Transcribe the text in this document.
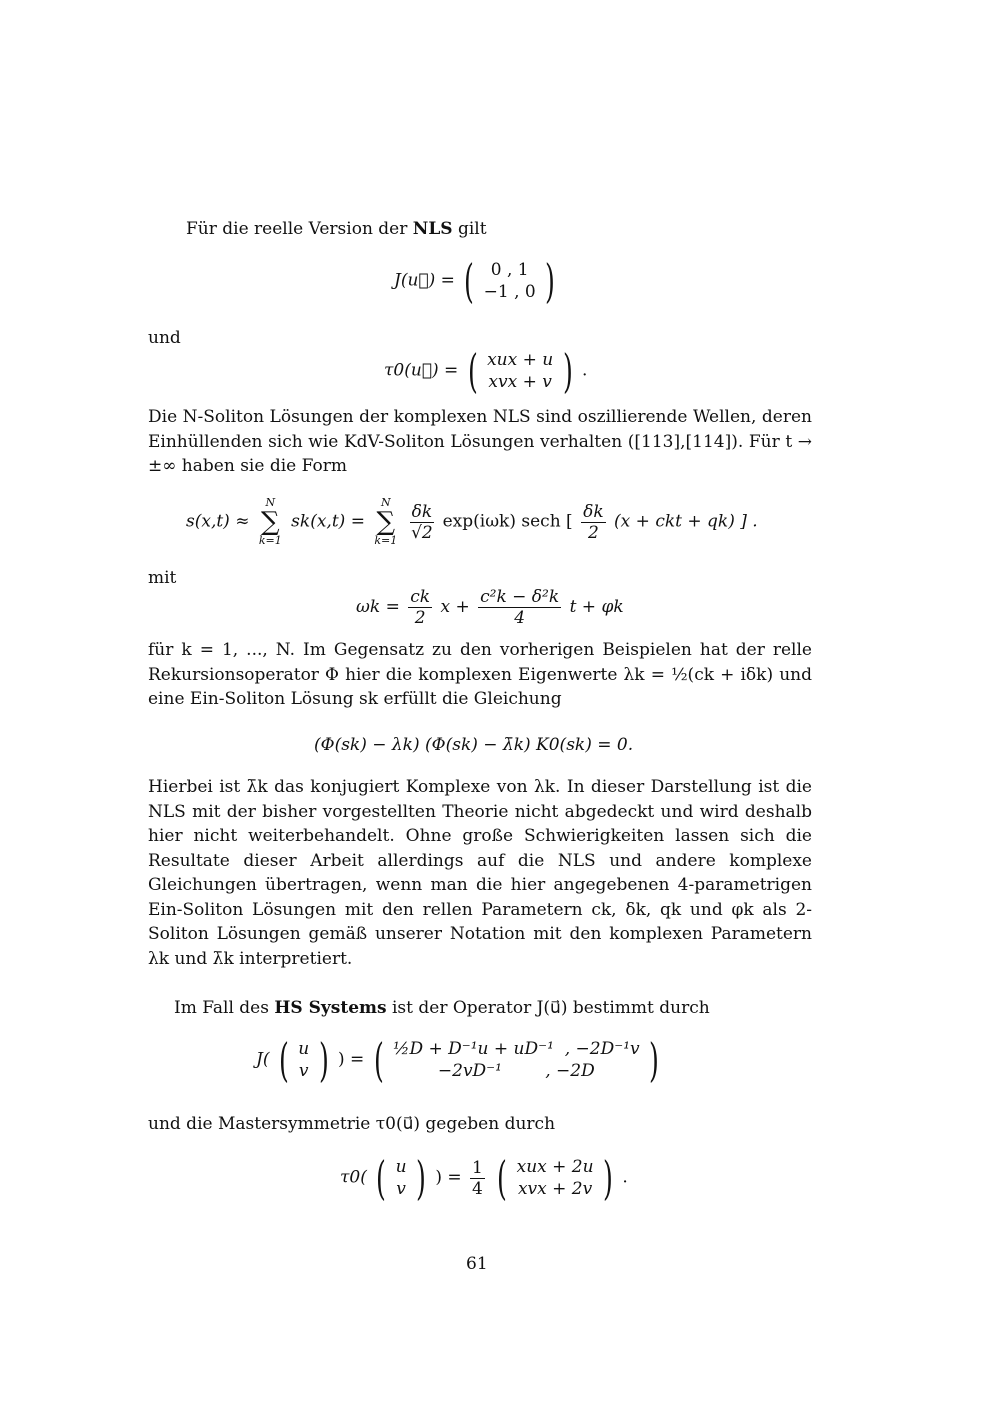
Für die reelle Version der NLS gilt
J(u⃗) = ( 0 , 1
−1 , 0 )
und
τ0(u⃗) = ( xux + u
xvx + v ) .
Die N-Soliton Lösungen der komplexen NLS sind oszillierende Wellen, deren Einhüllenden sich wie KdV-Soliton Lösungen verhalten ([113],[114]). Für t → ±∞ haben sie die Form
s(x,t) ≈
N
∑
k=1
sk(x,t) =
N
∑
k=1
$\frac{\delta k}{√2} \exp(i\omega k)$ sech [ $\frac{\delta k}{2} (x$ + ckt + qk) ] .
mit
$\omega k = \frac{ck}{2}$ $x + \frac{\text{c²k − δ²k}}{4}$ t + φk
für k = 1, ..., N. Im Gegensatz zu den vorherigen Beispielen hat der relle Rekursionsoperator Φ hier die komplexen Eigenwerte λk = ½(ck + iδk) und eine Ein-Soliton Lösung sk erfüllt die Gleichung
(Φ(sk) − λk) (Φ(sk) − λ̄k) K0(sk) = 0.
Hierbei ist λ̄k das konjugiert Komplexe von λk. In dieser Darstellung ist die NLS mit der bisher vorgestellten Theorie nicht abgedeckt und wird deshalb hier nicht weiterbehandelt. Ohne große Schwierigkeiten lassen sich die Resultate dieser Arbeit allerdings auf die NLS und andere komplexe Gleichungen übertragen, wenn man die hier angegebenen 4-parametrigen Ein-Soliton Lösungen mit den rellen Parametern ck, δk, qk und φk als 2-Soliton Lösungen gemäß unserer Notation mit den komplexen Parametern λk und λ̄k interpretiert.
Im Fall des HS Systems ist der Operator J(u⃗) bestimmt durch
J( ( u
v ) ) = ( ½D + D⁻¹u + uD⁻¹ , −2D⁻¹v
−2vD⁻¹	, −2D	)
und die Mastersymmetrie τ0(u⃗) gegeben durch
τ0( ( u
v ) ) = $\frac{1}{4}$ ( xux + 2u
xvx + 2v ) .
61
